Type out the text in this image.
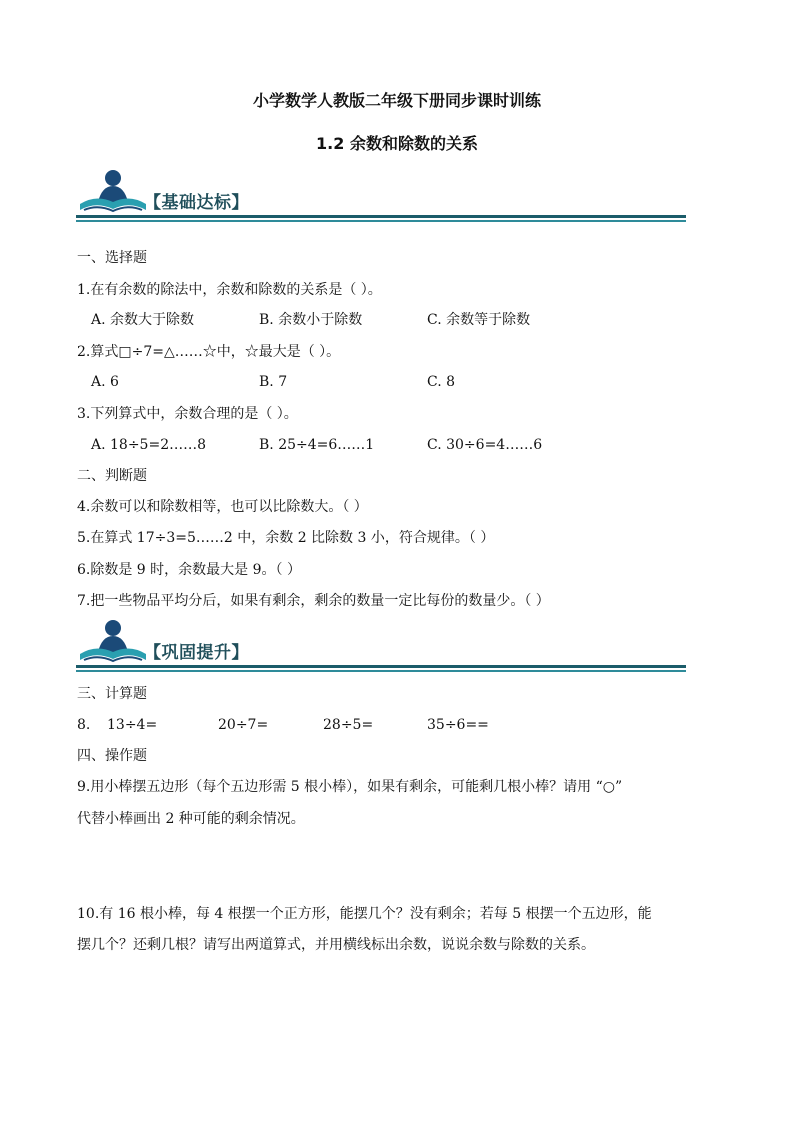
小学数学人教版二年级下册同步课时训练
1.2 余数和除数的关系
【基础达标】
一、选择题
1.在有余数的除法中，余数和除数的关系是（ ）。
A. 余数大于除数	B. 余数小于除数	C. 余数等于除数
2.算式□÷7=△……☆中，☆最大是（ ）。
A. 6	B. 7	C. 8
3.下列算式中，余数合理的是（ ）。
A. 18÷5=2……8	B. 25÷4=6……1	C. 30÷6=4……6
二、判断题
4.余数可以和除数相等，也可以比除数大。（ ）
5.在算式 17÷3=5……2 中，余数 2 比除数 3 小，符合规律。（ ）
6.除数是 9 时，余数最大是 9。（ ）
7.把一些物品平均分后，如果有剩余，剩余的数量一定比每份的数量少。（ ）
【巩固提升】
三、计算题
8. 13÷4=	20÷7=	28÷5=	35÷6==
四、操作题
9.用小棒摆五边形（每个五边形需 5 根小棒），如果有剩余，可能剩几根小棒？请用 “○”
代替小棒画出 2 种可能的剩余情况。
10.有 16 根小棒，每 4 根摆一个正方形，能摆几个？没有剩余；若每 5 根摆一个五边形，能
摆几个？还剩几根？请写出两道算式，并用横线标出余数，说说余数与除数的关系。
